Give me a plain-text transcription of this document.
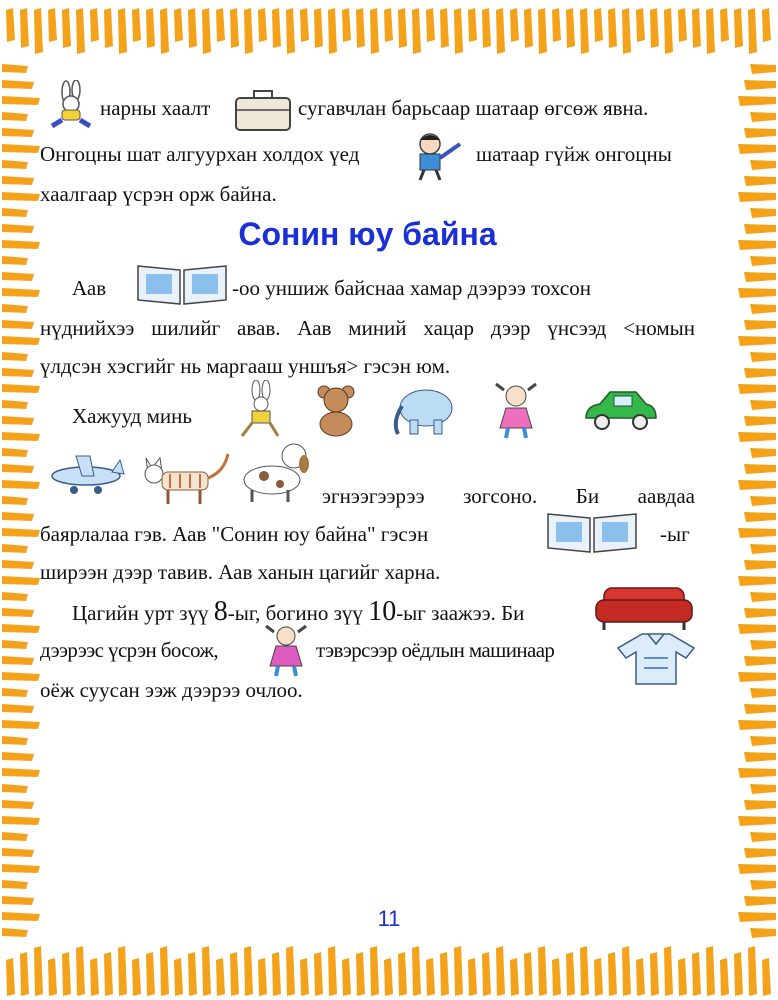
нарны хаалт	сугавчлан барьсаар шатаар өгсөж явна.
Онгоцны шат алгуурхан холдох үед	шатаар гүйж онгоцны
хаалгаар үсрэн орж байна.
Сонин юу байна
Аав	-оо уншиж байснаа хамар дээрээ тохсон
нүднийхээ шилийг авав. Аав миний хацар дээр үнсээд <номын
үлдсэн хэсгийг нь маргааш уншъя> гэсэн юм.
Хажууд минь
эгнээгээрээ зогсоно. Би аавдаа
баярлалаа гэв. Аав "Сонин юу байна" гэсэн	-ыг
ширээн дээр тавив. Аав ханын цагийг харна.
Цагийн урт зүү 8-ыг, богино зүү 10-ыг заажээ. Би
дээрээс үсрэн босож,	тэвэрсээр оёдлын машинаар
оёж суусан ээж дээрээ очлоо.
11
